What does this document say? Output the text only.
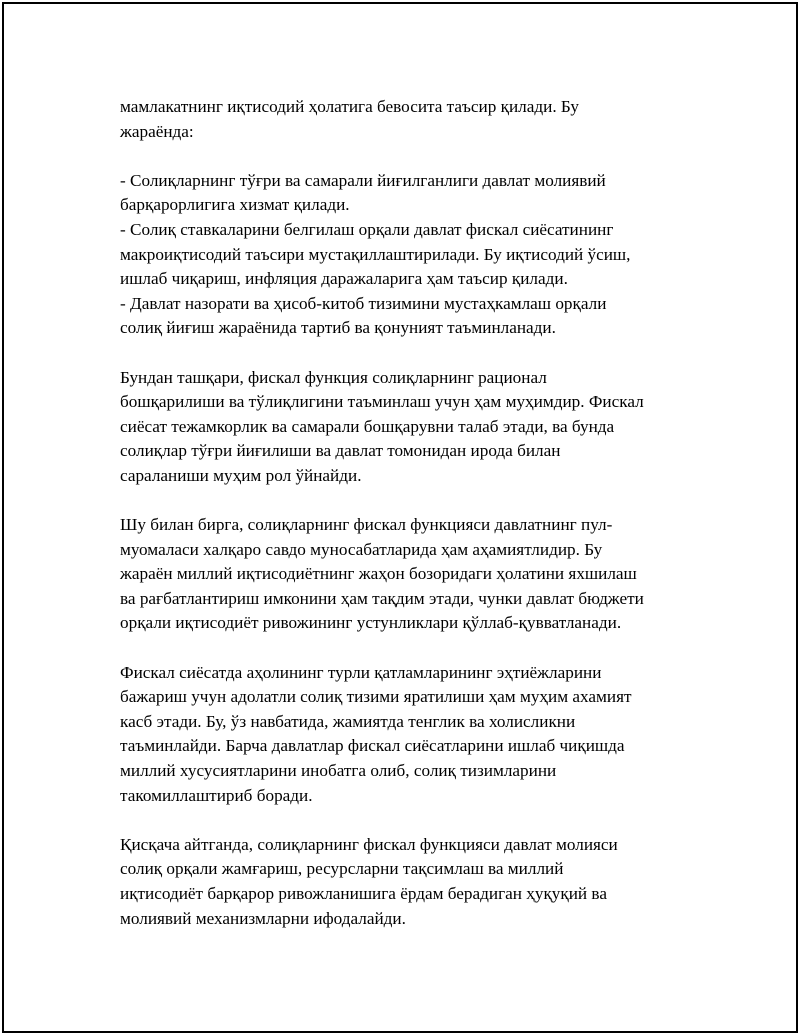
мамлакатнинг иқтисодий ҳолатига бевосита таъсир қилади. Бу
жараёнда:
- Солиқларнинг тўғри ва самарали йиғилганлиги давлат молиявий
барқарорлигига хизмат қилади.
- Солиқ ставкаларини белгилаш орқали давлат фискал сиёсатининг
макроиқтисодий таъсири мустақиллаштирилади. Бу иқтисодий ўсиш,
ишлаб чиқариш, инфляция даражаларига ҳам таъсир қилади.
- Давлат назорати ва ҳисоб-китоб тизимини мустаҳкамлаш орқали
солиқ йиғиш жараёнида тартиб ва қонуният таъминланади.
Бундан ташқари, фискал функция солиқларнинг рационал
бошқарилиши ва тўлиқлигини таъминлаш учун ҳам муҳимдир. Фискал
сиёсат тежамкорлик ва самарали бошқарувни талаб этади, ва бунда
солиқлар тўғри йиғилиши ва давлат томонидан ирода билан
сараланиши муҳим рол ўйнайди.
Шу билан бирга, солиқларнинг фискал функцияси давлатнинг пул-
муомаласи халқаро савдо муносабатларида ҳам аҳамиятлидир. Бу
жараён миллий иқтисодиётнинг жаҳон бозоридаги ҳолатини яхшилаш
ва рағбатлантириш имконини ҳам тақдим этади, чунки давлат бюджети
орқали иқтисодиёт ривожининг устунликлари қўллаб-қувватланади.
Фискал сиёсатда аҳолининг турли қатламларининг эҳтиёжларини
бажариш учун адолатли солиқ тизими яратилиши ҳам муҳим ахамият
касб этади. Бу, ўз навбатида, жамиятда тенглик ва холисликни
таъминлайди. Барча давлатлар фискал сиёсатларини ишлаб чиқишда
миллий хусусиятларини инобатга олиб, солиқ тизимларини
такомиллаштириб боради.
Қисқача айтганда, солиқларнинг фискал функцияси давлат молияси
солиқ орқали жамғариш, ресурсларни тақсимлаш ва миллий
иқтисодиёт барқарор ривожланишига ёрдам берадиган ҳуқуқий ва
молиявий механизмларни ифодалайди.
